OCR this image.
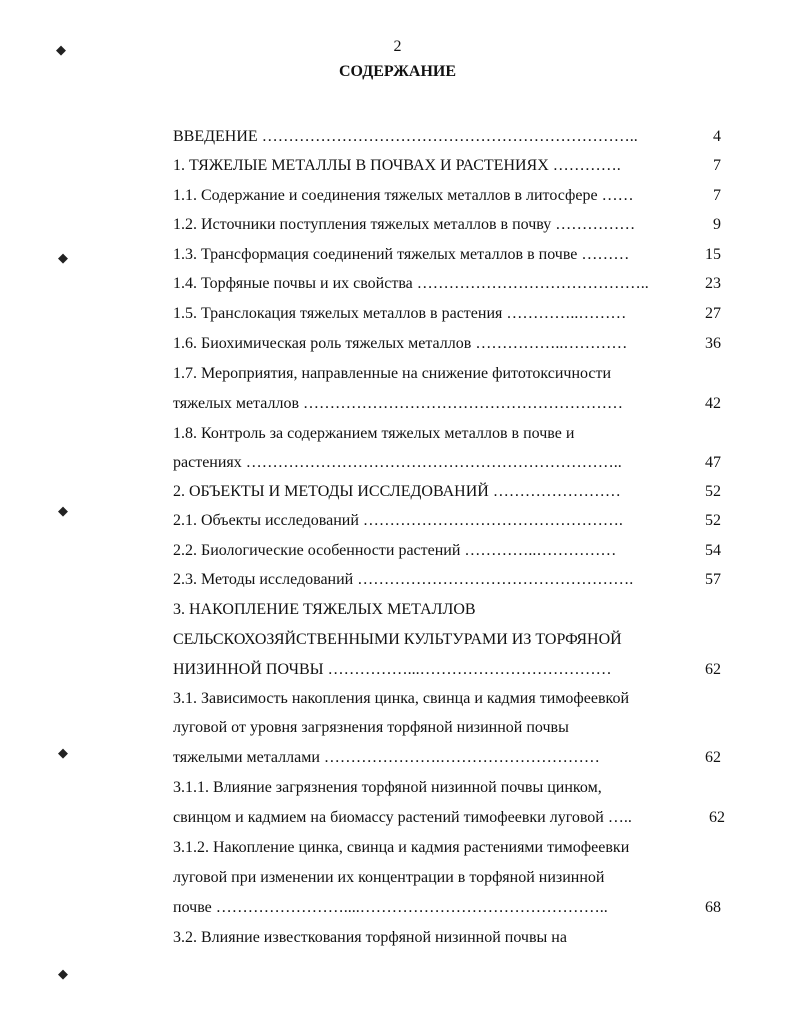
2
СОДЕРЖАНИЕ
◆
◆
◆
◆
◆
ВВЕДЕНИЕ ……………………………………………………………..	4
1. ТЯЖЕЛЫЕ МЕТАЛЛЫ В ПОЧВАХ И РАСТЕНИЯХ ………….	7
1.1. Содержание и соединения тяжелых металлов в литосфере ……	7
1.2. Источники поступления тяжелых металлов в почву ……………	9
1.3. Трансформация соединений тяжелых металлов в почве ………	15
1.4. Торфяные почвы и их свойства ……………………………………..	23
1.5. Транслокация тяжелых металлов в растения …………..………	27
1.6. Биохимическая роль тяжелых металлов ……………..…………	36
1.7. Мероприятия, направленные на снижение фитотоксичности
тяжелых металлов ……………………………………………………	42
1.8. Контроль за содержанием тяжелых металлов в почве и
растениях ……………………………………………………………..	47
2. ОБЪЕКТЫ И МЕТОДЫ ИССЛЕДОВАНИЙ ……………………	52
2.1. Объекты исследований ………………………………………….	52
2.2. Биологические особенности растений …………..……………	54
2.3. Методы исследований …………………………………………….	57
3. НАКОПЛЕНИЕ ТЯЖЕЛЫХ МЕТАЛЛОВ
СЕЛЬСКОХОЗЯЙСТВЕННЫМИ КУЛЬТУРАМИ ИЗ ТОРФЯНОЙ
НИЗИННОЙ ПОЧВЫ ……………...………………………………	62
3.1. Зависимость накопления цинка, свинца и кадмия тимофеевкой
луговой от уровня загрязнения торфяной низинной почвы
тяжелыми металлами ………………….…………………………	62
3.1.1. Влияние загрязнения торфяной низинной почвы цинком,
свинцом и кадмием на биомассу растений тимофеевки луговой …..	62
3.1.2. Накопление цинка, свинца и кадмия растениями тимофеевки
луговой при изменении их концентрации в торфяной низинной
почве ……………………....………………………………………..	68
3.2. Влияние известкования торфяной низинной почвы на
